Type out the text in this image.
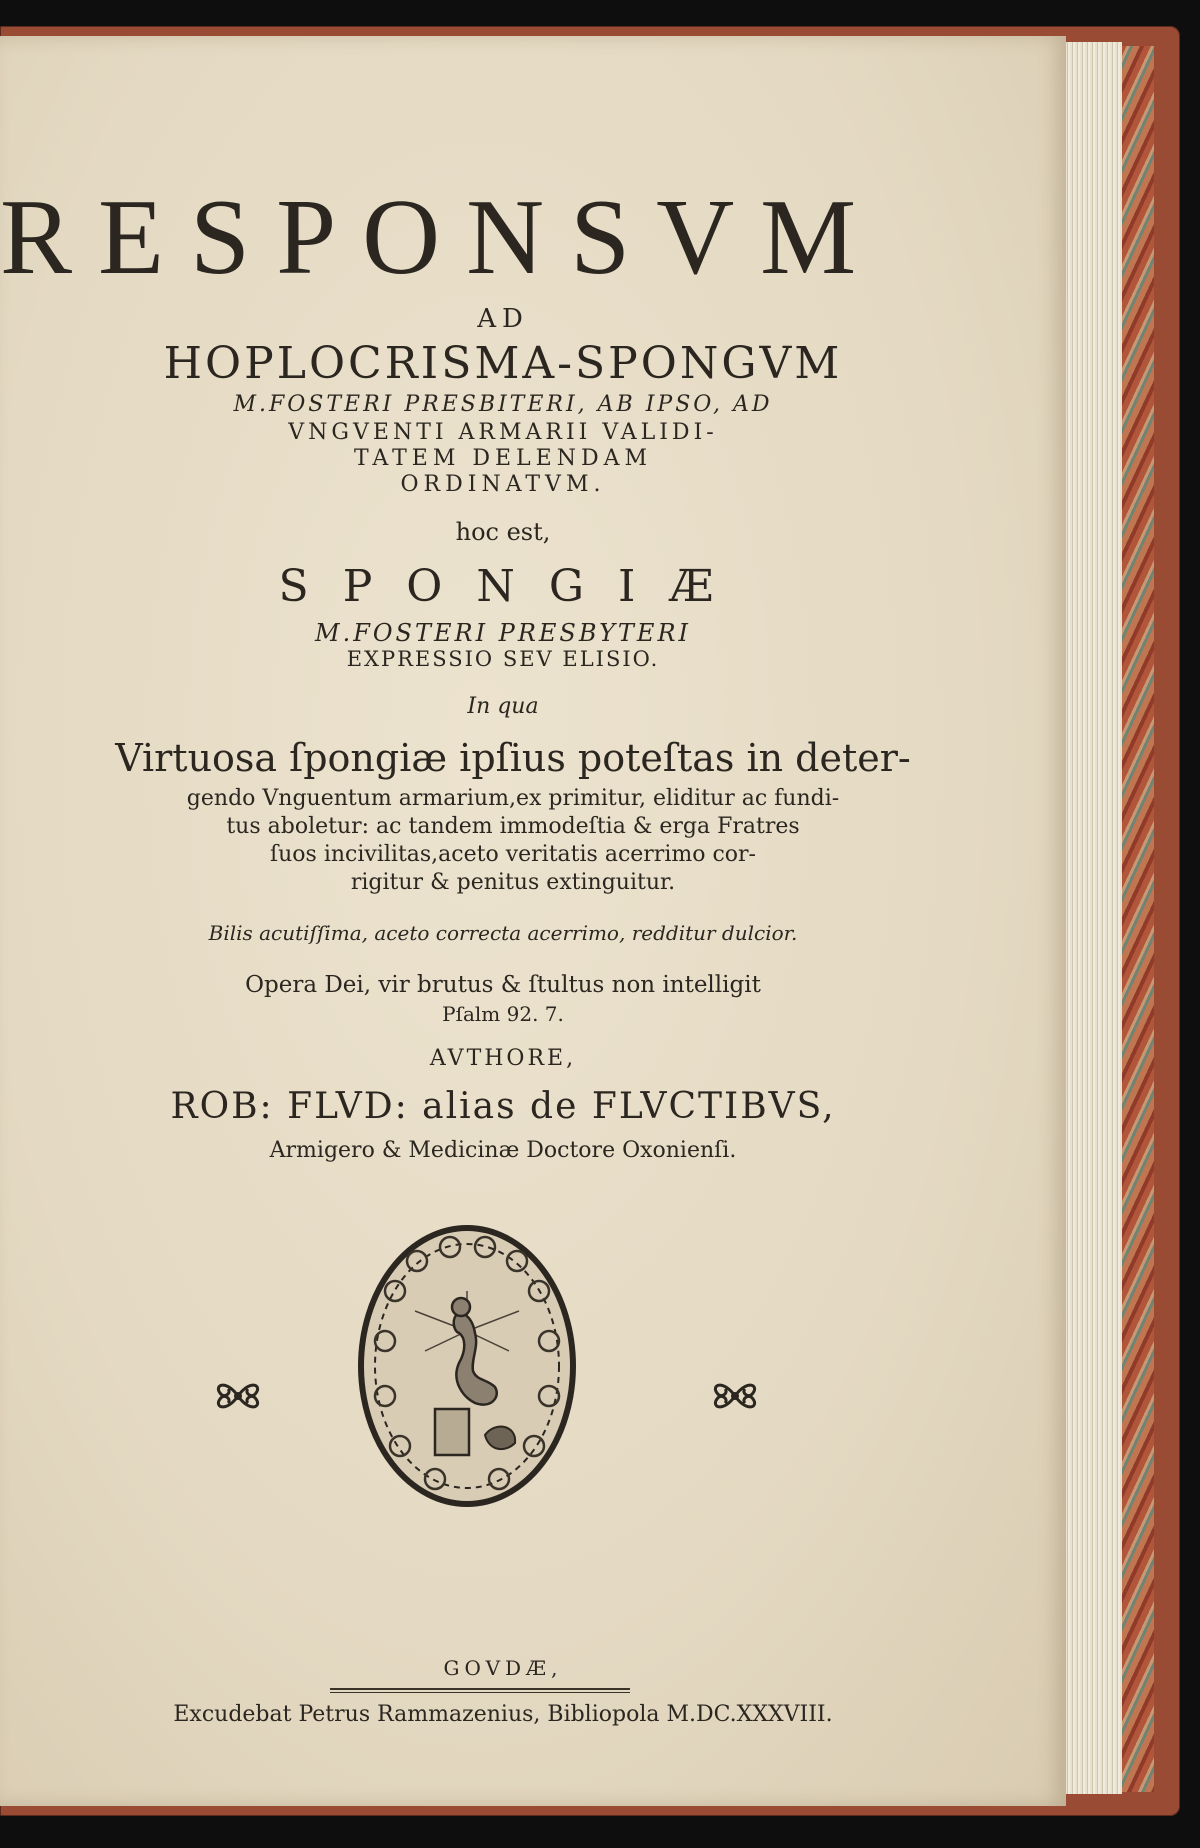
RESPONSVM
AD
HOPLOCRISMA-SPONGVM
M.FOSTERI PRESBITERI, AB IPSO, AD
VNGVENTI ARMARII VALIDI-
TATEM DELENDAM
ORDINATVM.
hoc est,
SPONGIÆ
M.FOSTERI PRESBYTERI
EXPRESSIO SEV ELISIO.
In qua
Virtuosa ſpongiæ ipſius poteſtas in deter-
gendo Vnguentum armarium,ex primitur, eliditur ac fundi-
tus aboletur: ac tandem immodeſtia & erga Fratres
ſuos incivilitas,aceto veritatis acerrimo cor-
rigitur & penitus extinguitur.
Bilis acutiſſima, aceto correcta acerrimo, redditur dulcior.
Opera Dei, vir brutus & ſtultus non intelligit
Pſalm 92. 7.
AVTHORE,
ROB: FLVD: alias de FLVCTIBVS,
Armigero & Medicinæ Doctore Oxonienſi.
GOVDÆ,
Excudebat Petrus Rammazenius, Bibliopola M.DC.XXXVIII.
